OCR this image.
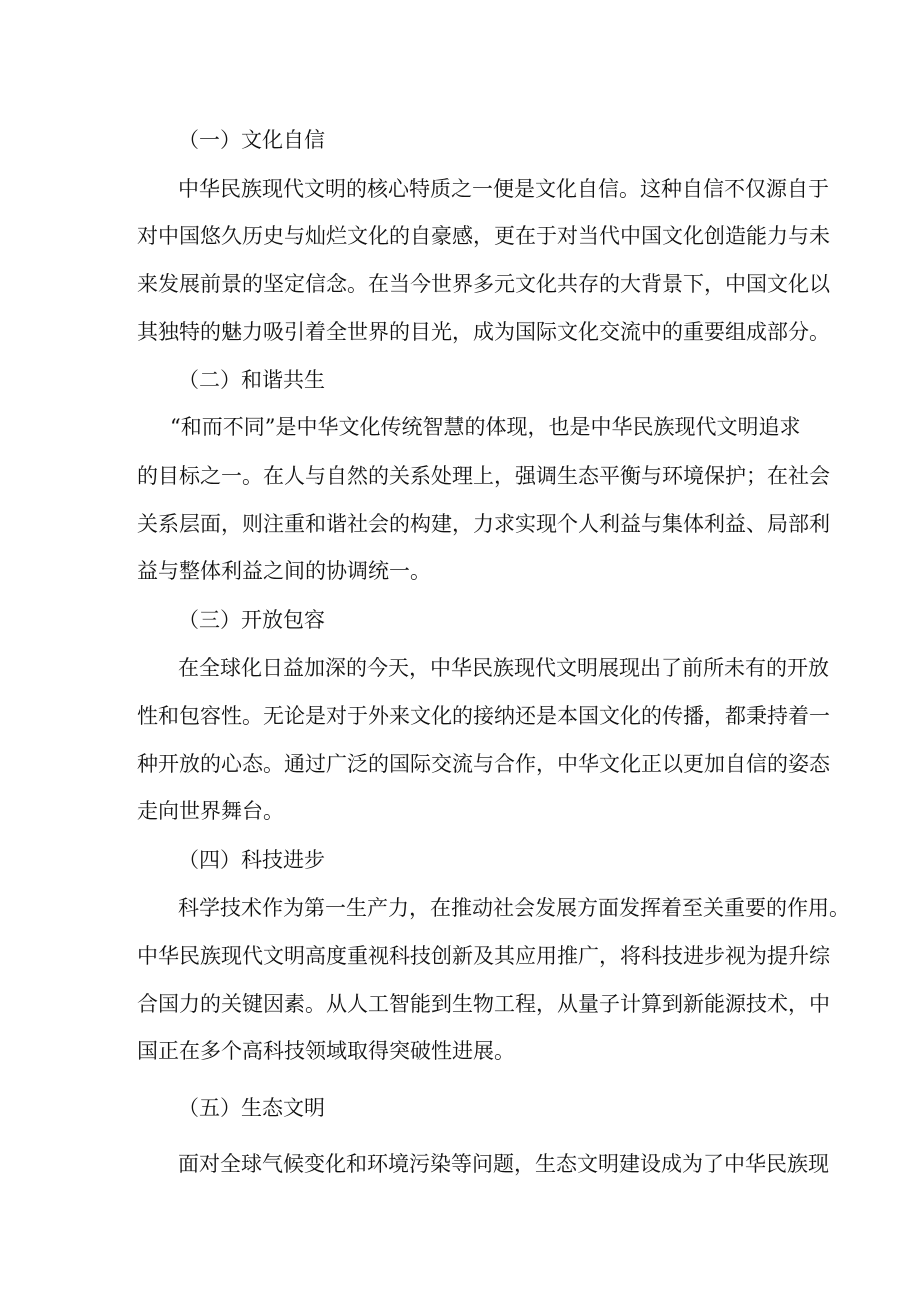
（一）文化自信

中华民族现代文明的核心特质之一便是文化自信。这种自信不仅源自于

对中国悠久历史与灿烂文化的自豪感，更在于对当代中国文化创造能力与未

来发展前景的坚定信念。在当今世界多元文化共存的大背景下，中国文化以

其独特的魅力吸引着全世界的目光，成为国际文化交流中的重要组成部分。

（二）和谐共生

“和而不同”是中华文化传统智慧的体现，也是中华民族现代文明追求

的目标之一。在人与自然的关系处理上，强调生态平衡与环境保护；在社会

关系层面，则注重和谐社会的构建，力求实现个人利益与集体利益、局部利

益与整体利益之间的协调统一。

（三）开放包容

在全球化日益加深的今天，中华民族现代文明展现出了前所未有的开放

性和包容性。无论是对于外来文化的接纳还是本国文化的传播，都秉持着一

种开放的心态。通过广泛的国际交流与合作，中华文化正以更加自信的姿态

走向世界舞台。

（四）科技进步

科学技术作为第一生产力，在推动社会发展方面发挥着至关重要的作用。

中华民族现代文明高度重视科技创新及其应用推广，将科技进步视为提升综

合国力的关键因素。从人工智能到生物工程，从量子计算到新能源技术，中

国正在多个高科技领域取得突破性进展。

（五）生态文明

面对全球气候变化和环境污染等问题，生态文明建设成为了中华民族现
